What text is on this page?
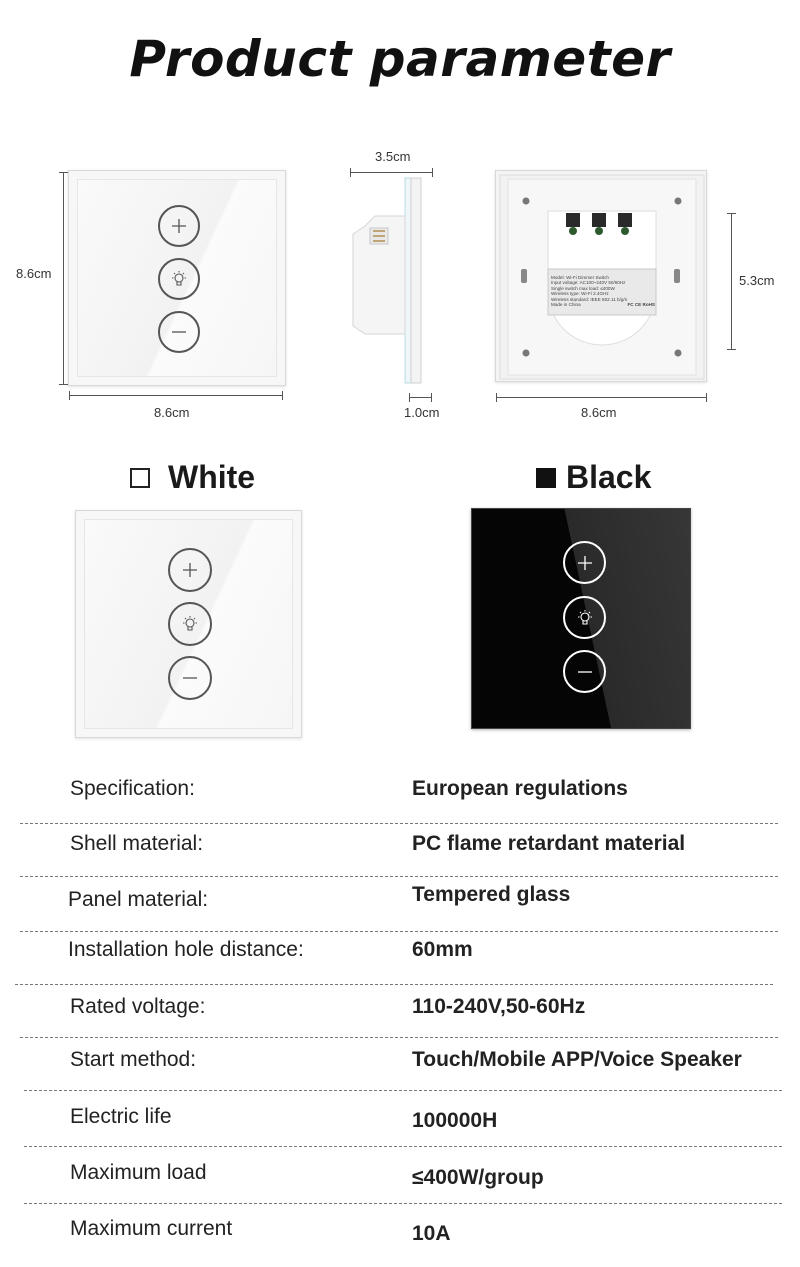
Product parameter
8.6cm
8.6cm
3.5cm
1.0cm
Model: Wi-Fi Dimmer Switch
Input voltage: AC100~240V 50/60Hz
Single switch max load: ≤400W
Wireless type: Wi-Fi 2.4GHz
Wireless standard: IEEE 802.11 b/g/n
Made in China	FC CE RoHS
5.3cm
8.6cm
White	Black
Specification:	European regulations
Shell material:	PC flame retardant material
Panel material:	Tempered glass
Installation hole distance:	60mm
Rated voltage:	110-240V,50-60Hz
Start method:	Touch/Mobile APP/Voice Speaker
Electric life	100000H
Maximum load	≤400W/group
Maximum current	10A
